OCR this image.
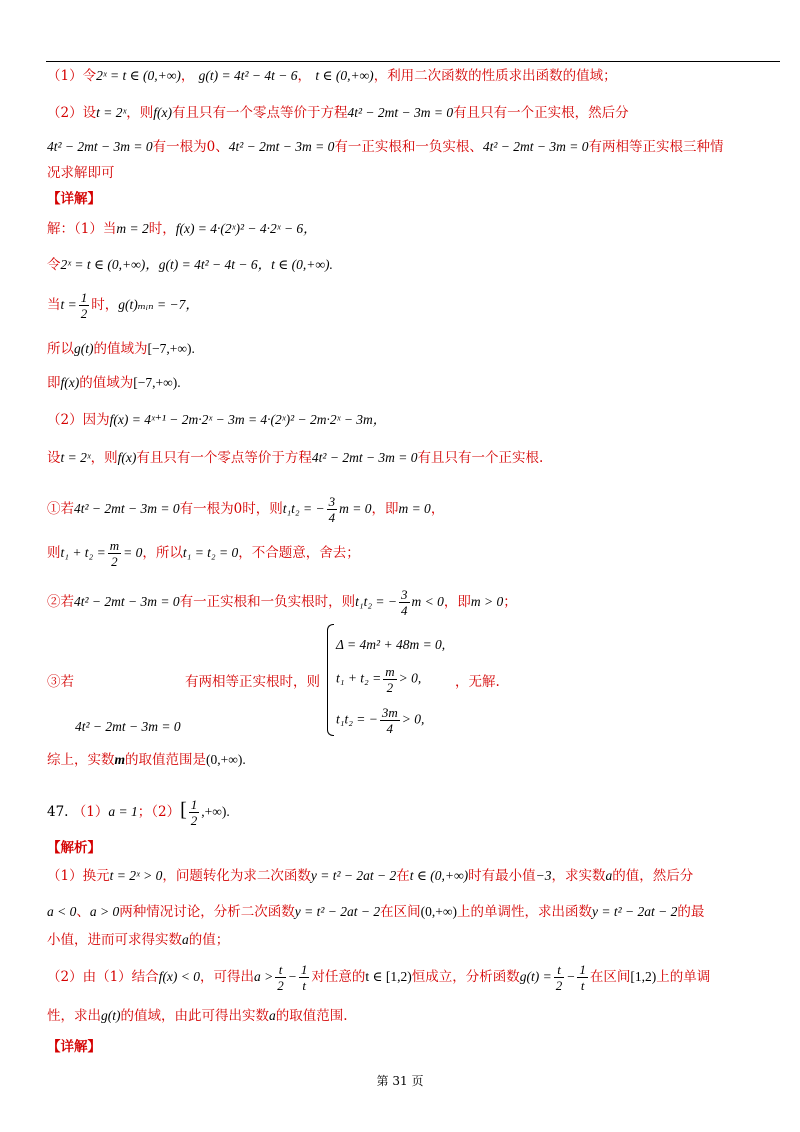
（1）令2ˣ = t ∈ (0,+∞)， g(t) = 4t² − 4t − 6， t ∈ (0,+∞)，利用二次函数的性质求出函数的值域；
（2）设t = 2ˣ，则f(x)有且只有一个零点等价于方程4t² − 2mt − 3m = 0有且只有一个正实根，然后分
4t² − 2mt − 3m = 0有一根为0、4t² − 2mt − 3m = 0有一正实根和一负实根、4t² − 2mt − 3m = 0有两相等正实根三种情
况求解即可
【详解】
解：（1）当m = 2时，f(x) = 4·(2ˣ)² − 4·2ˣ − 6，
令2ˣ = t ∈ (0,+∞)，g(t) = 4t² − 4t − 6，t ∈ (0,+∞).
当$t = \frac{1}{2}$ 时，g(t)ₘᵢₙ = −7，
所以g(t)的值域为[−7,+∞).
即f(x)的值域为[−7,+∞).
（2）因为f(x) = 4ˣ⁺¹ − 2m·2ˣ − 3m = 4·(2ˣ)² − 2m·2ˣ − 3m，
设t = 2ˣ，则f(x)有且只有一个零点等价于方程4t² − 2mt − 3m = 0有且只有一个正实根.
①若4t² − 2mt − 3m = 0有一根为0时，则t₁t₂ = − $\frac{3}{4}$ m = 0，即m = 0，
则$t_1 + t_2 = \frac{m}{2} = 0$，所以t₁ = t₂ = 0，不合题意，舍去；
②若4t² − 2mt − 3m = 0有一正实根和一负实根时，则t₁t₂ = − $\frac{3}{4}$ m < 0，即m > 0；
③若	有两相等正实根时，则
Δ = 4m² + 48m = 0,
$t_1 + t_2 = \frac{m}{2} > 0$,
t₁t₂ = − $\frac{3m}{4} > 0$,
，无解.
4t² − 2mt − 3m = 0
综上，实数m的取值范围是(0,+∞).
47. （1）a = 1；$(2)[ \frac{1}{2}$ ,+∞).
【解析】
（1）换元t = 2ˣ > 0，问题转化为求二次函数y = t² − 2at − 2在t ∈ (0,+∞)时有最小值−3，求实数a的值，然后分
a < 0、a > 0两种情况讨论，分析二次函数y = t² − 2at − 2在区间(0,+∞)上的单调性，求出函数y = t² − 2at − 2的最
小值，进而可求得实数a的值；
（2）由（1）结合f(x) < 0，可得出$a > \frac{t}{2} - \frac{1}{t}$ 对任意的t ∈ [1,2)恒成立，分析函数$g(t) = \frac{t}{2} - \frac{1}{t}$ 在区间[1,2)上的单调
性，求出g(t)的值域，由此可得出实数a的取值范围.
【详解】
第 31 页
